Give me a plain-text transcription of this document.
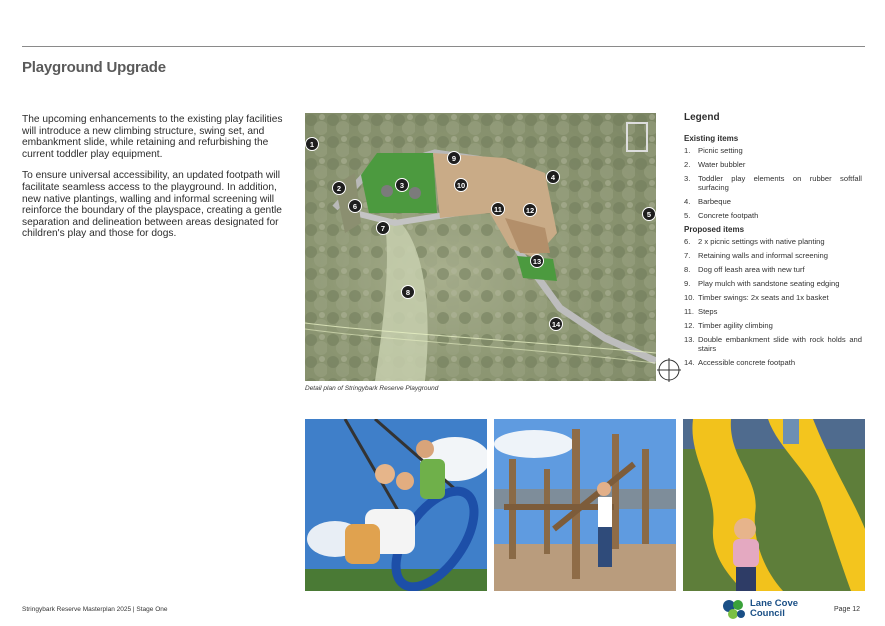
Playground Upgrade

The upcoming enhancements to the existing play facilities will introduce a new climbing structure, swing set, and embankment slide, while retaining and refurbishing the current toddler play equipment.

To ensure universal accessibility, an updated footpath will facilitate seamless access to the playground. In addition, new native plantings, walling and informal screening will reinforce the boundary of the playspace, creating a gentle separation and delineation between areas designated for children's play and those for dogs.

1
2	3
4
5
6
7
8
9
10
11	12
13
14
Detail plan of Stringybark Reserve Playground
Legend
Existing items
1.	Picnic setting
2.	Water bubbler
3.	Toddler play elements on rubber softfall surfacing
4.	Barbeque
5.	Concrete footpath
Proposed items
6.	2 x picnic settings with native planting
7.	Retaining walls and informal screening
8.	Dog off leash area with new turf
9.	Play mulch with sandstone seating edging
10. Timber swings: 2x seats and 1x basket
11. Steps
12. Timber agility climbing
13. Double embankment slide with rock holds and stairs
14. Accessible concrete footpath
Stringybark Reserve Masterplan 2025 | Stage One
Lane Cove
Council	Page 12
